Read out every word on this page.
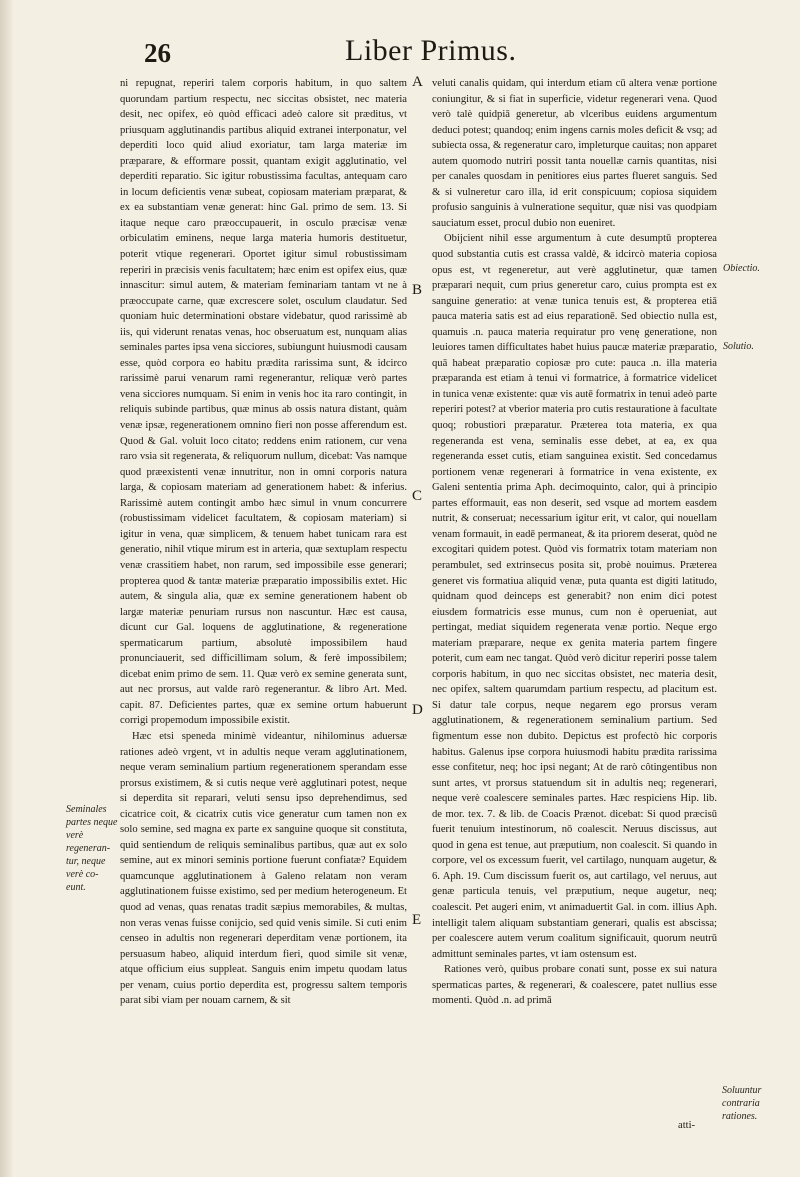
26	Liber Primus.
A
B
C
D
E
Obiectio.
Solutio.
Seminales partes neque verè regeneran- tur, neque verè co- eunt.
Soluuntur contraria rationes.

ni repugnat, reperiri talem corporis habitum, in quo saltem quorundam partium respectu, nec siccitas obsistet, nec materia desit, nec opifex, eò quòd efficaci adeò calore sit præditus, vt priusquam agglutinandis partibus aliquid extranei interponatur, vel deperditi loco quid aliud exoriatur, tam larga materiæ im præparare, & efformare possit, quantam exigit agglutinatio, vel deperditi reparatio. Sic igitur robustissima facultas, antequam caro in locum deficientis venæ subeat, copiosam materiam præparat, & ex ea substantiam venæ generat: hinc Gal. primo de sem. 13. Si itaque neque caro præoccupauerit, in osculo præcisæ venæ orbiculatim eminens, neque larga materia humoris destituetur, poterit vtique regenerari. Oportet igitur simul robustissimam reperiri in præcisis venis facultatem; hæc enim est opifex eius, quæ innascitur: simul autem, & materiam feminariam tantam vt ne à præoccupate carne, quæ excrescere solet, osculum claudatur. Sed quoniam huic determinationi obstare videbatur, quod rarissimè ab iis, qui viderunt renatas venas, hoc obseruatum est, nunquam alias seminales partes ipsa vena sicciores, subiungunt huiusmodi causam esse, quòd corpora eo habitu prædita rarissima sunt, & idcirco rarissimè parui venarum rami regenerantur, reliquæ verò partes vena sicciores numquam. Si enim in venis hoc ita raro contingit, in reliquis subinde partibus, quæ minus ab ossis natura distant, quàm venæ ipsæ, regenerationem omnino fieri non posse afferendum est. Quod & Gal. voluit loco citato; reddens enim rationem, cur vena raro vsia sit regenerata, & reliquorum nullum, dicebat: Vas namque quod præexistenti venæ innutritur, non in omni corporis natura larga, & copiosam materiam ad generationem habet: & inferius. Rarissimè autem contingit ambo hæc simul in vnum concurrere (robustissimam videlicet facultatem, & copiosam materiam) si igitur in vena, quæ simplicem, & tenuem habet tunicam rara est generatio, nihil vtique mirum est in arteria, quæ sextuplam respectu venæ crassitiem habet, non rarum, sed impossibile esse generari; propterea quod & tantæ materiæ præparatio impossibilis extet. Hic autem, & singula alia, quæ ex semine generationem habent ob largæ materiæ penuriam rursus non nascuntur. Hæc est causa, dicunt cur Gal. loquens de agglutinatione, & regeneratione spermaticarum partium, absolutè impossibilem haud pronunciauerit, sed difficillimam solum, & ferè impossibilem; dicebat enim primo de sem. 11. Quæ verò ex semine generata sunt, aut nec prorsus, aut valde rarò regenerantur. & libro Art. Med. capit. 87. Deficientes partes, quæ ex semine ortum habuerunt corrigi propemodum impossibile existit.

Hæc etsi speneda minimè videantur, nihilominus aduersæ rationes adeò vrgent, vt in adultis neque veram agglutinationem, neque veram seminalium partium regenerationem sperandam esse prorsus existimem, & si cutis neque verè agglutinari potest, neque si deperdita sit reparari, veluti sensu ipso deprehendimus, sed cicatrice coit, & cicatrix cutis vice generatur cum tamen non ex solo semine, sed magna ex parte ex sanguine quoque sit constituta, quid sentiendum de reliquis seminalibus partibus, quæ aut ex solo semine, aut ex minori seminis portione fuerunt confiatæ? Equidem quamcunque agglutinationem à Galeno relatam non veram agglutinationem fuisse existimo, sed per medium heterogeneum. Et quod ad venas, quas renatas tradit sæpius memorabiles, & multas, non veras venas fuisse conijcio, sed quid venis simile. Si cuti enim censeo in adultis non regenerari deperditam venæ portionem, ita persuasum habeo, aliquid interdum fieri, quod simile sit venæ, atque officium eius suppleat. Sanguis enim impetu quodam latus per venam, cuius portio deperdita est, progressu saltem temporis parat sibi viam per nouam carnem, & sit

veluti canalis quidam, qui interdum etiam cū altera venæ portione coniungitur, & si fiat in superficie, videtur regenerari vena. Quod verò talè quidpiā generetur, ab vlceribus euidens argumentum deduci potest; quandoq; enim ingens carnis moles deficit & vsq; ad subiecta ossa, & regeneratur caro, impleturque cauitas; non apparet autem quomodo nutriri possit tanta nouellæ carnis quantitas, nisi per canales quosdam in penitiores eius partes flueret sanguis. Sed & si vulneretur caro illa, id erit conspicuum; copiosa siquidem profusio sanguinis à vulneratione sequitur, quæ nisi vas quodpiam sauciatum esset, procul dubio non eueniret.

Obijcient nihil esse argumentum à cute desumptū propterea quod substantia cutis est crassa valdè, & idcircò materia copiosa opus est, vt regeneretur, aut verè agglutinetur, quæ tamen præparari nequit, cum prius generetur caro, cuius prompta est ex sanguine generatio: at venæ tunica tenuis est, & propterea etiā pauca materia satis est ad eius reparationē. Sed obiectio nulla est, quamuis .n. pauca materia requiratur pro venę generatione, non leuiores tamen difficultates habet huius paucæ materiæ præparatio, quā habeat præparatio copiosæ pro cute: pauca .n. illa materia præparanda est etiam à tenui vi formatrice, à formatrice videlicet in tunica venæ existente: quæ vis autē formatrix in tenui adeò parte reperiri potest? at vberior materia pro cutis restauratione à facultate quoq; robustiori præparatur. Præterea tota materia, ex qua regeneranda est vena, seminalis esse debet, at ea, ex qua regeneranda esset cutis, etiam sanguinea existit. Sed concedamus portionem venæ regenerari à formatrice in vena existente, ex Galeni sententia prima Aph. decimoquinto, calor, qui à principio partes efformauit, eas non deserit, sed vsque ad mortem easdem nutrit, & conseruat; necessarium igitur erit, vt calor, qui nouellam venam formauit, in eadē permaneat, & ita priorem deserat, quòd ne excogitari quidem potest. Quòd vis formatrix totam materiam non perambulet, sed extrinsecus posita sit, probè nouimus. Præterea generet vis formatiua aliquid venæ, puta quanta est digiti latitudo, quidnam quod deinceps est generabit? non enim dici potest eiusdem formatricis esse munus, cum non è operueniat, aut pertingat, mediat siquidem regenerata venæ portio. Neque ergo materiam præparare, neque ex genita materia partem fingere poterit, cum eam nec tangat. Quòd verò dicitur reperiri posse talem corporis habitum, in quo nec siccitas obsistet, nec materia desit, nec opifex, saltem quarumdam partium respectu, ad placitum est. Si datur tale corpus, neque negarem ego prorsus veram agglutinationem, & regenerationem seminalium partium. Sed figmentum esse non dubito. Depictus est profectò hic corporis habitus. Galenus ipse corpora huiusmodi habitu prædita rarissima esse confitetur, neq; hoc ipsi negant; At de rarò côtingentibus non sunt artes, vt prorsus statuendum sit in adultis neq; regenerari, neque verè coalescere seminales partes. Hæc respiciens Hip. lib. de mor. tex. 7. & lib. de Coacis Prænot. dicebat: Si quod præcisū fuerit tenuium intestinorum, nō coalescit. Neruus discissus, aut quod in gena est tenue, aut præputium, non coalescit. Si quando in corpore, vel os excessum fuerit, vel cartilago, nunquam augetur, & 6. Aph. 19. Cum discissum fuerit os, aut cartilago, vel neruus, aut genæ particula tenuis, vel præputium, neque augetur, neq; coalescit. Pet augeri enim, vt animaduertit Gal. in com. illius Aph. intelligit talem aliquam substantiam generari, qualis est abscissa; per coalescere autem verum coalitum significauit, quorum neutrū admittunt seminales partes, vt iam ostensum est.

Rationes verò, quibus probare conati sunt, posse ex sui natura spermaticas partes, & regenerari, & coalescere, patet nullius esse momenti. Quòd .n. ad primā

atti-
